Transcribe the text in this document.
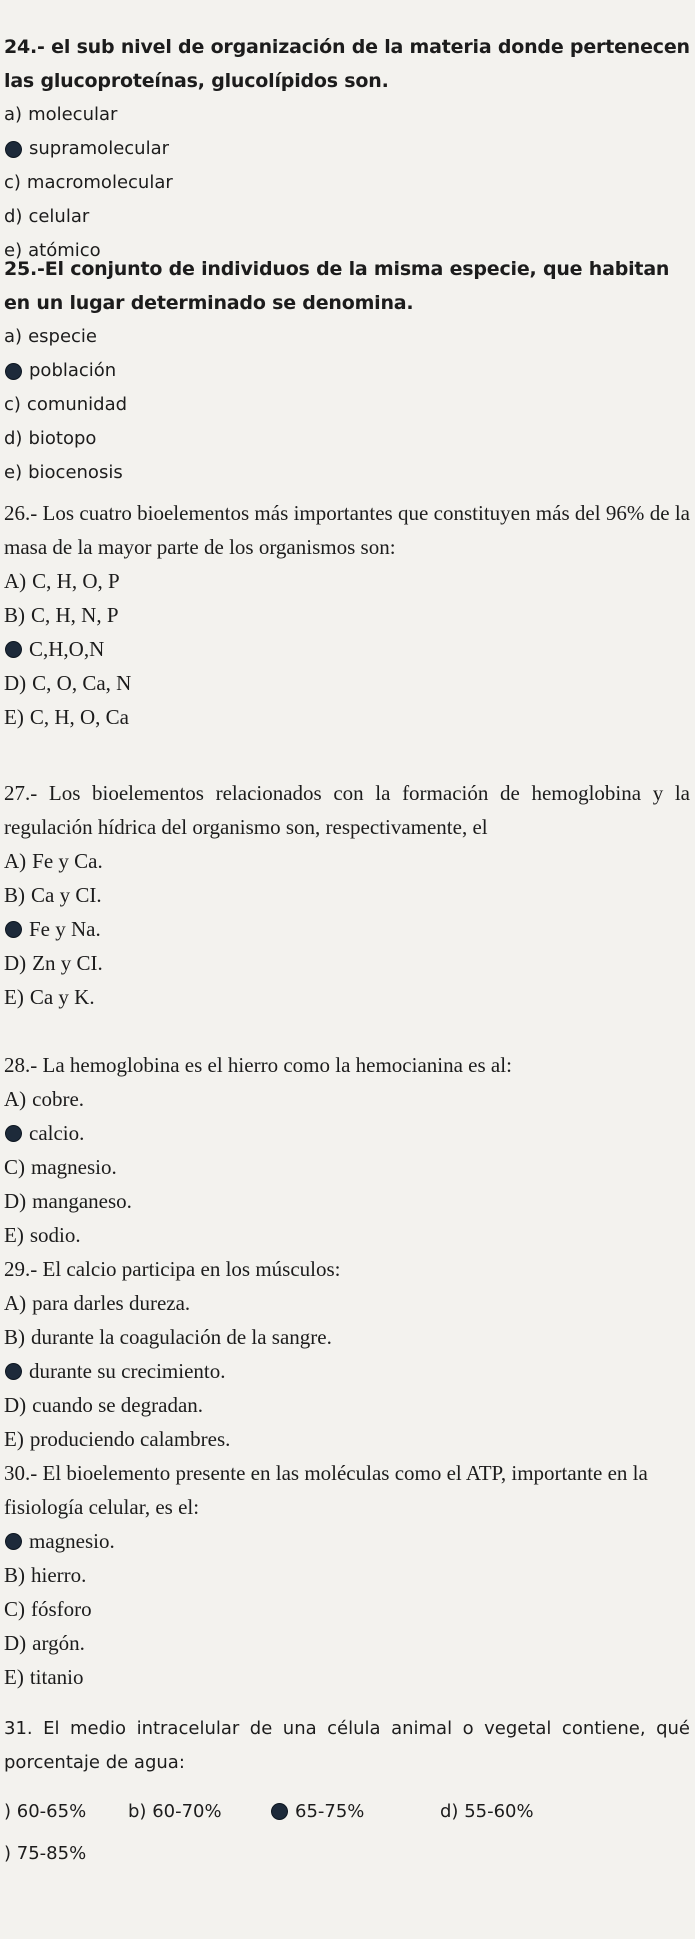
24.- el sub nivel de organización de la materia donde pertenecen las glucoproteínas, glucolípidos son.

a) molecular
supramolecular
c) macromolecular
d) celular
e) atómico

25.-El conjunto de individuos de la misma especie, que habitan en un lugar determinado se denomina.

a) especie
población
c) comunidad
d) biotopo
e) biocenosis

26.- Los cuatro bioelementos más importantes que constituyen más del 96% de la masa de la mayor parte de los organismos son:

A) C, H, O, P
B) C, H, N, P
C,H,O,N
D) C, O, Ca, N
E) C, H, O, Ca

27.- Los bioelementos relacionados con la formación de hemoglobina y la regulación hídrica del organismo son, respectivamente, el

A) Fe y Ca.
B) Ca y CI.
Fe y Na.
D) Zn y CI.
E) Ca y K.

28.- La hemoglobina es el hierro como la hemocianina es al:

A) cobre.
calcio.
C) magnesio.
D) manganeso.
E) sodio.

29.- El calcio participa en los músculos:

A) para darles dureza.
B) durante la coagulación de la sangre.
durante su crecimiento.
D) cuando se degradan.
E) produciendo calambres.

30.- El bioelemento presente en las moléculas como el ATP, importante en la fisiología celular, es el:

magnesio.
B) hierro.
C) fósforo
D) argón.
E) titanio

31. El medio intracelular de una célula animal o vegetal contiene, qué porcentaje de agua:

)
60-65% b)
60-70%	65-75%	d)
55-60%
)
75-85%
